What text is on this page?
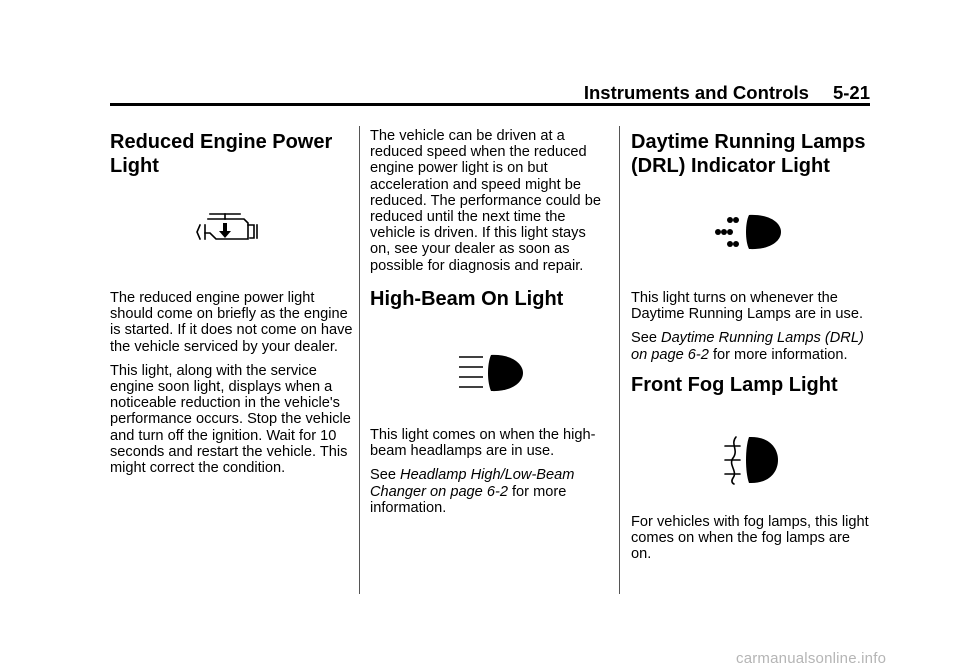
Instruments and Controls 5-21
Reduced Engine Power Light

The reduced engine power light should come on briefly as the engine is started. If it does not come on have the vehicle serviced by your dealer.

This light, along with the service engine soon light, displays when a noticeable reduction in the vehicle's performance occurs. Stop the vehicle and turn off the ignition. Wait for 10 seconds and restart the vehicle. This might correct the condition.

The vehicle can be driven at a reduced speed when the reduced engine power light is on but acceleration and speed might be reduced. The performance could be reduced until the next time the vehicle is driven. If this light stays on, see your dealer as soon as possible for diagnosis and repair.

High-Beam On Light

This light comes on when the high-beam headlamps are in use.

See Headlamp High/Low-Beam Changer on page 6-2 for more information.

Daytime Running Lamps (DRL) Indicator Light

This light turns on whenever the Daytime Running Lamps are in use.

See Daytime Running Lamps (DRL) on page 6-2 for more information.

Front Fog Lamp Light

For vehicles with fog lamps, this light comes on when the fog lamps are on.

carmanualsonline.info
